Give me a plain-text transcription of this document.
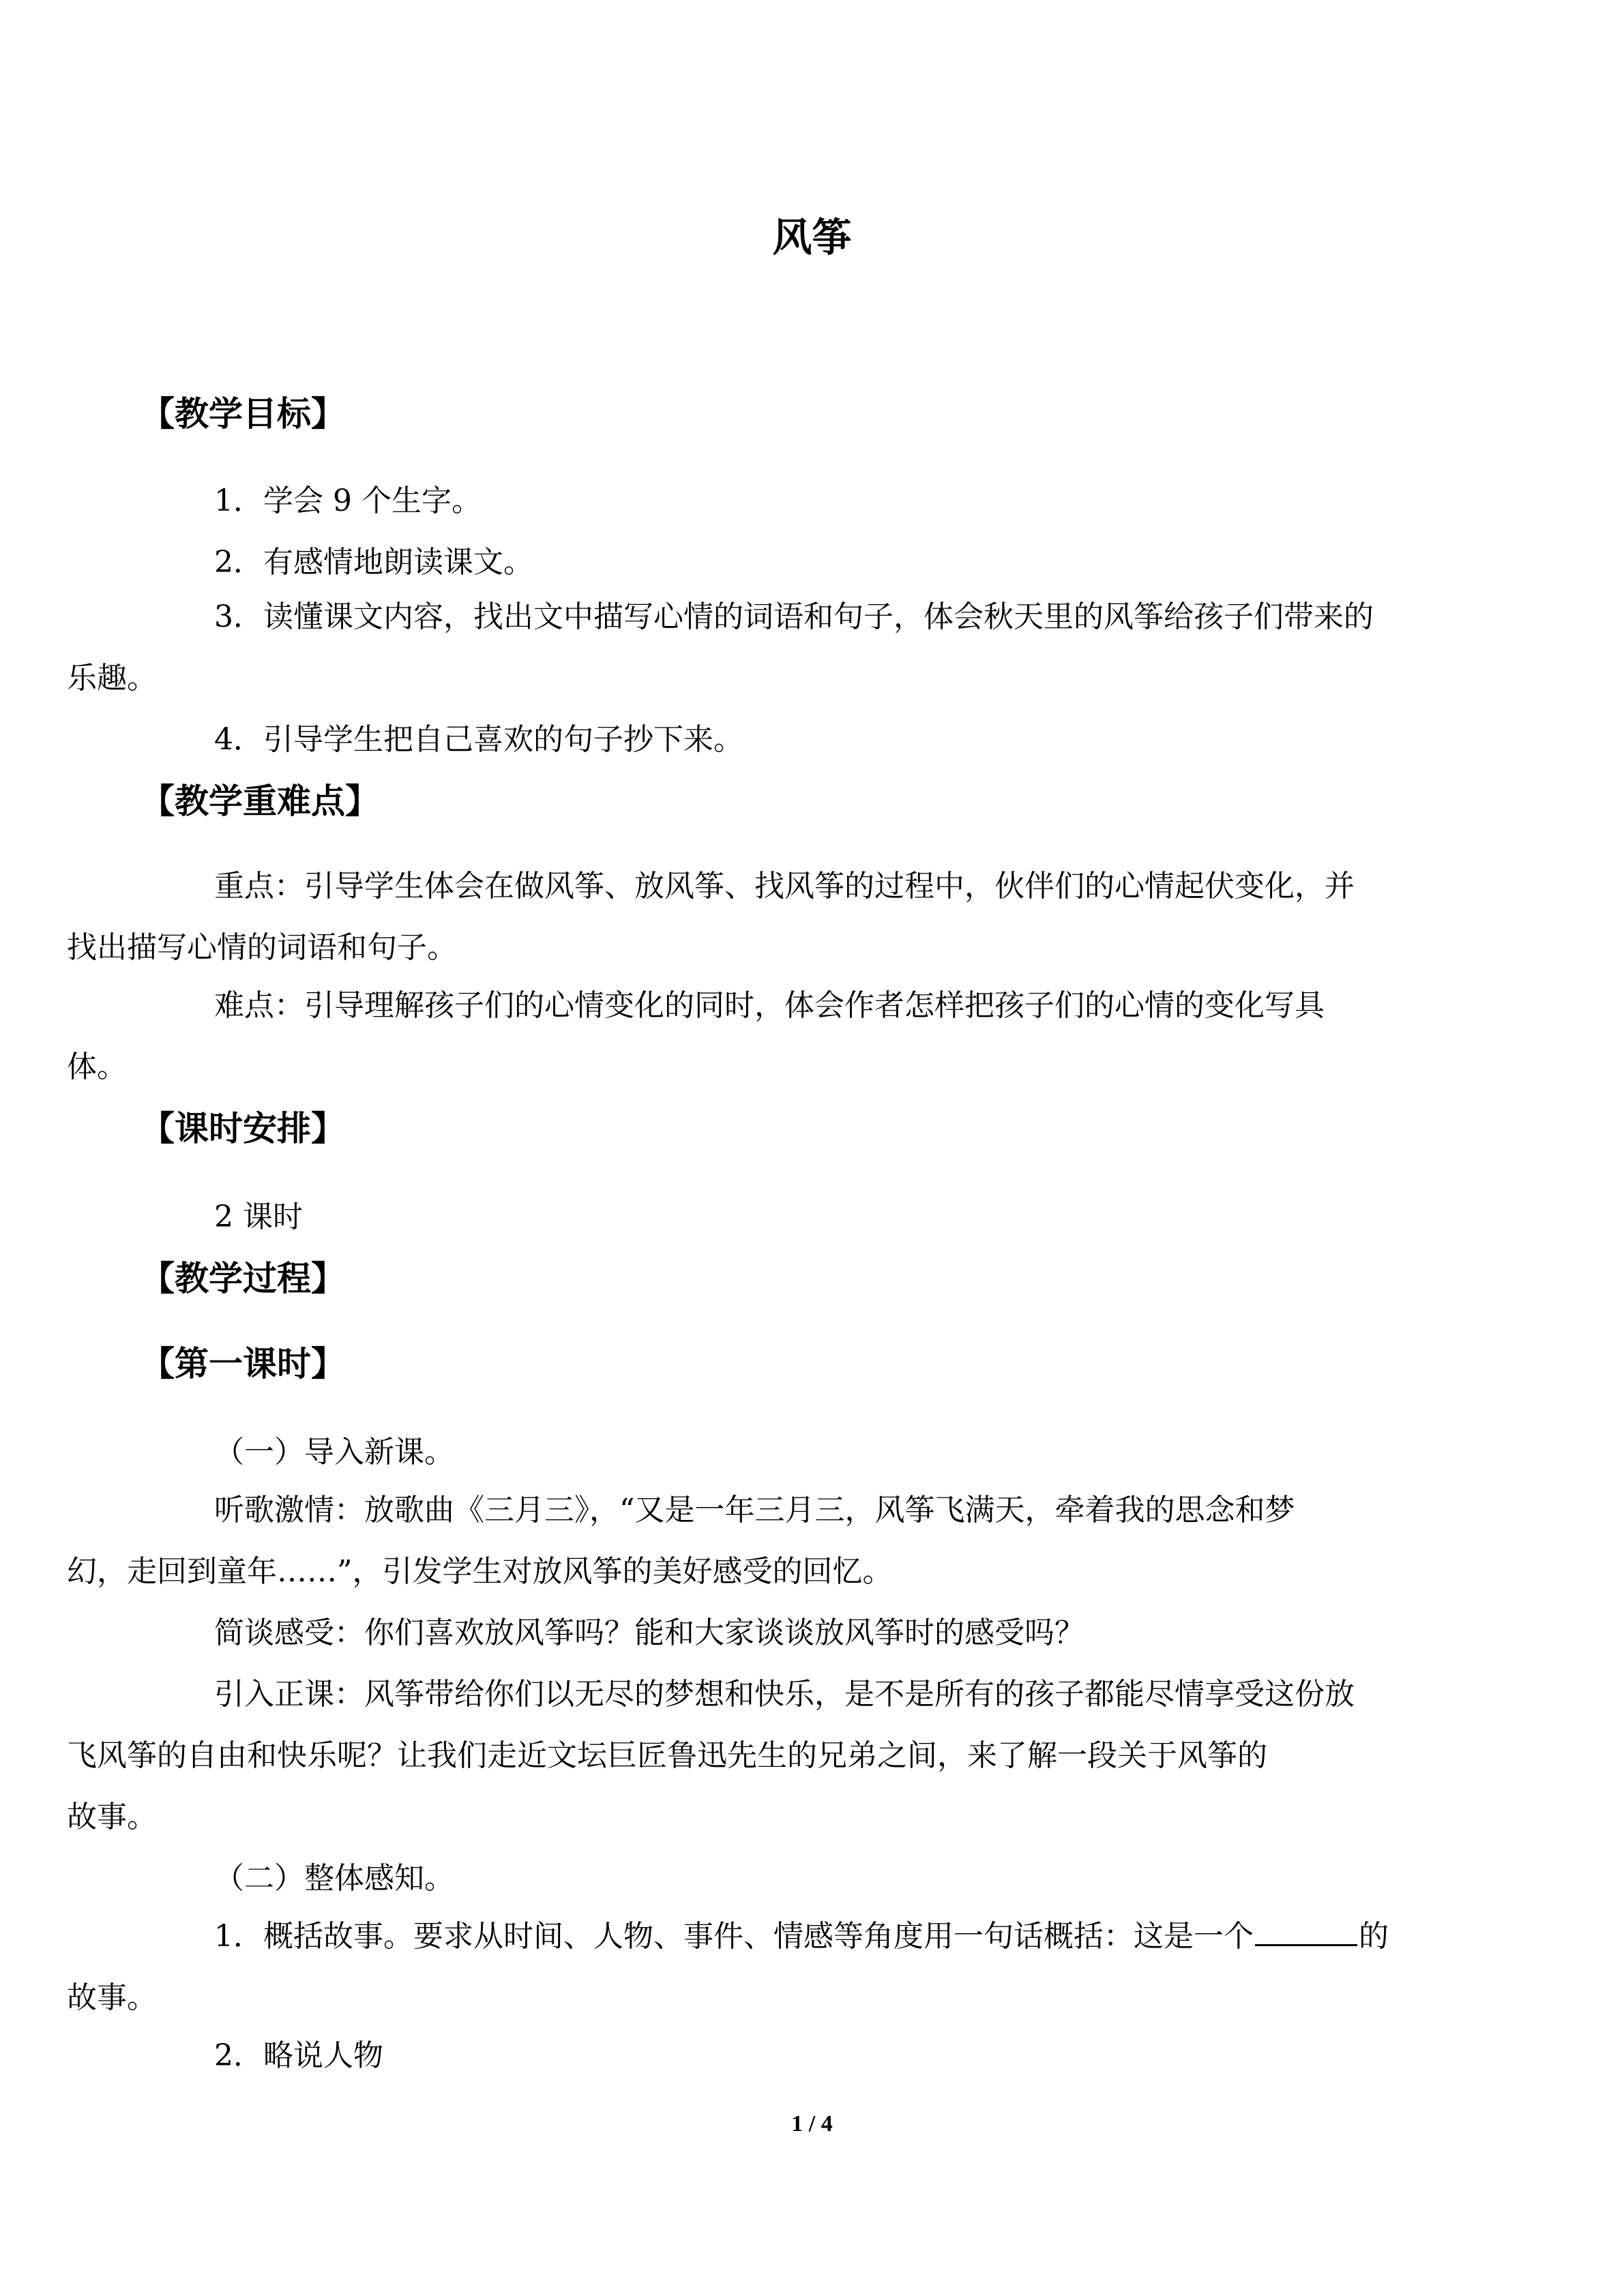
风筝
【教学目标】
1．学会 9 个生字。
2．有感情地朗读课文。
3．读懂课文内容，找出文中描写心情的词语和句子，体会秋天里的风筝给孩子们带来的
乐趣。
4．引导学生把自己喜欢的句子抄下来。
【教学重难点】
重点：引导学生体会在做风筝、放风筝、找风筝的过程中，伙伴们的心情起伏变化，并
找出描写心情的词语和句子。
难点：引导理解孩子们的心情变化的同时，体会作者怎样把孩子们的心情的变化写具
体。
【课时安排】
2 课时
【教学过程】
【第一课时】
（一）导入新课。
听歌激情：放歌曲《三月三》，“又是一年三月三，风筝飞满天，牵着我的思念和梦
幻，走回到童年……”，引发学生对放风筝的美好感受的回忆。
简谈感受：你们喜欢放风筝吗？能和大家谈谈放风筝时的感受吗？
引入正课：风筝带给你们以无尽的梦想和快乐，是不是所有的孩子都能尽情享受这份放
飞风筝的自由和快乐呢？让我们走近文坛巨匠鲁迅先生的兄弟之间，来了解一段关于风筝的
故事。
（二）整体感知。
1．概括故事。要求从时间、人物、事件、情感等角度用一句话概括：这是一个	的
故事。
2．略说人物
1 / 4
